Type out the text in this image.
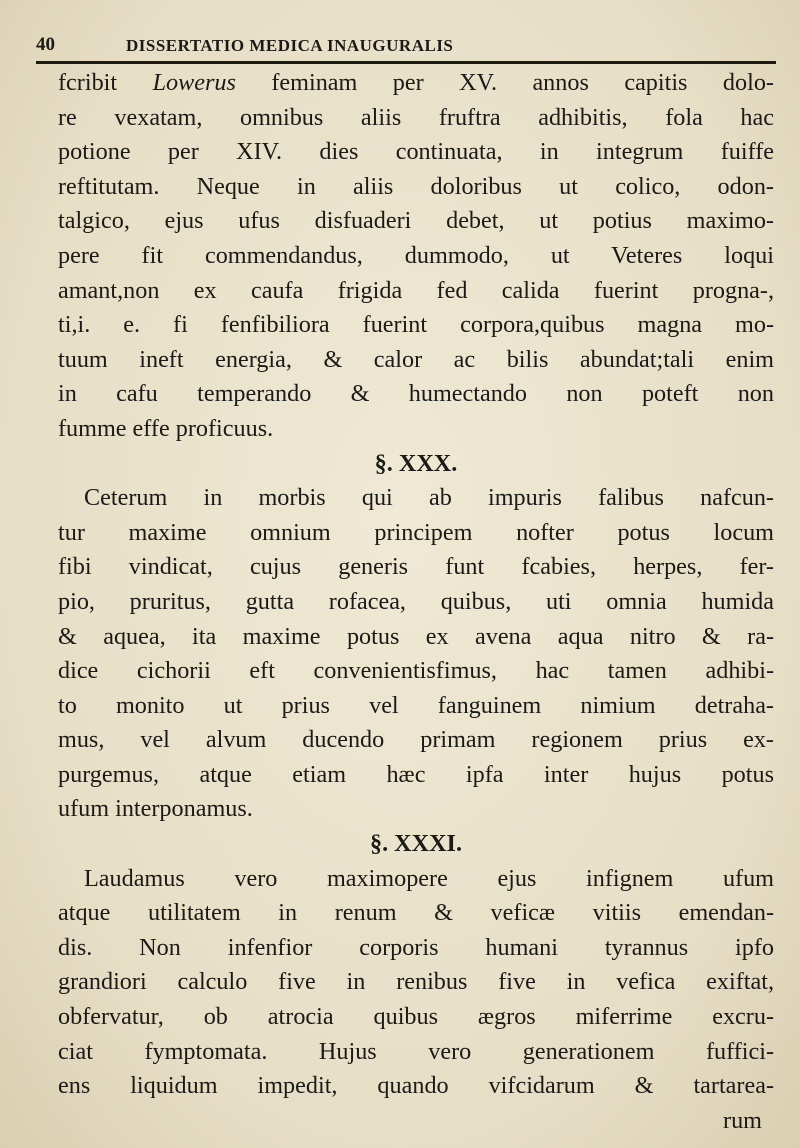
40	DISSERTATIO MEDICA INAUGURALIS
fcribit Lowerus feminam per XV. annos capitis dolo-
re vexatam, omnibus aliis fruftra adhibitis, fola hac
potione per XIV. dies continuata, in integrum fuiffe
reftitutam. Neque in aliis doloribus ut colico, odon-
talgico, ejus ufus disfuaderi debet, ut potius maximo-
pere fit commendandus, dummodo, ut Veteres loqui
amant,non ex caufa frigida fed calida fuerint progna-,
ti,i. e. fi fenfibiliora fuerint corpora,quibus magna mo-
tuum ineft energia, & calor ac bilis abundat;tali enim
in cafu temperando & humectando non poteft non
fumme effe proficuus.
§. XXX.
Ceterum in morbis qui ab impuris falibus nafcun-
tur maxime omnium principem nofter potus locum
fibi vindicat, cujus generis funt fcabies, herpes, fer-
pio, pruritus, gutta rofacea, quibus, uti omnia humida
& aquea, ita maxime potus ex avena aqua nitro & ra-
dice cichorii eft convenientisfimus, hac tamen adhibi-
to monito ut prius vel fanguinem nimium detraha-
mus, vel alvum ducendo primam regionem prius ex-
purgemus, atque etiam hæc ipfa inter hujus potus
ufum interponamus.
§. XXXI.
Laudamus vero maximopere ejus infignem ufum
atque utilitatem in renum & veficæ vitiis emendan-
dis. Non infenfior corporis humani tyrannus ipfo
grandiori calculo five in renibus five in vefica exiftat,
obfervatur, ob atrocia quibus ægros miferrime excru-
ciat fymptomata. Hujus vero generationem fuffici-
ens liquidum impedit, quando vifcidarum & tartarea-
rum
